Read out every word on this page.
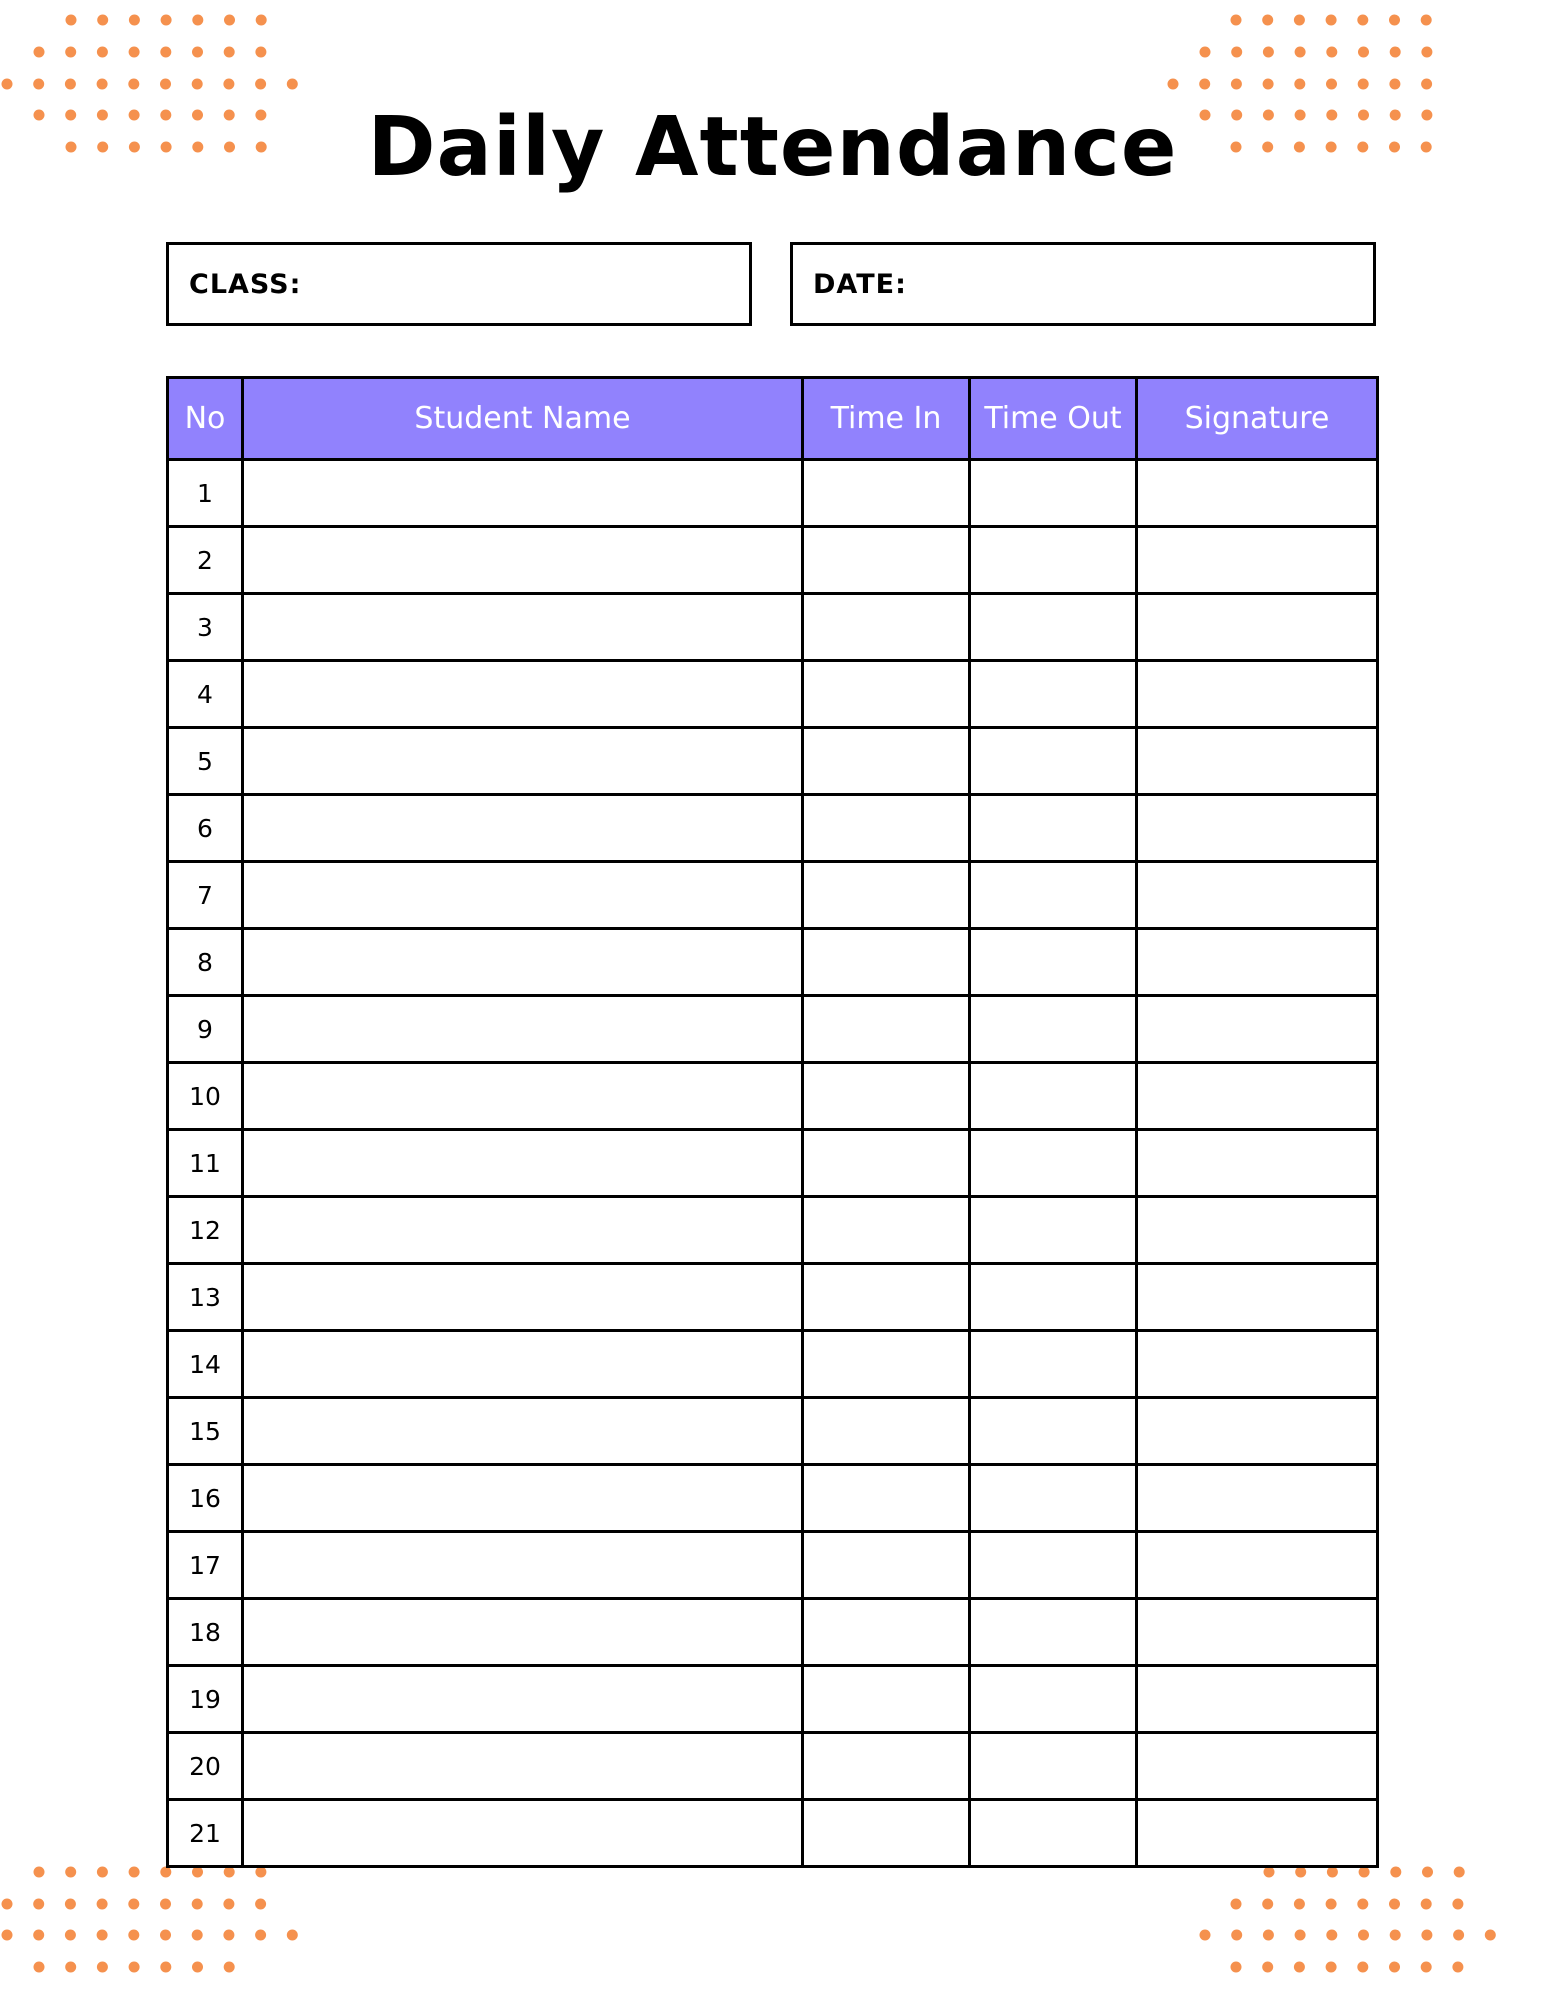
Daily Attendance
CLASS:	DATE:
No	Student Name	Time In	Time Out	Signature
1				
2				
3				
4				
5				
6				
7				
8				
9				
10				
11				
12				
13				
14				
15				
16				
17				
18				
19				
20				
21				
